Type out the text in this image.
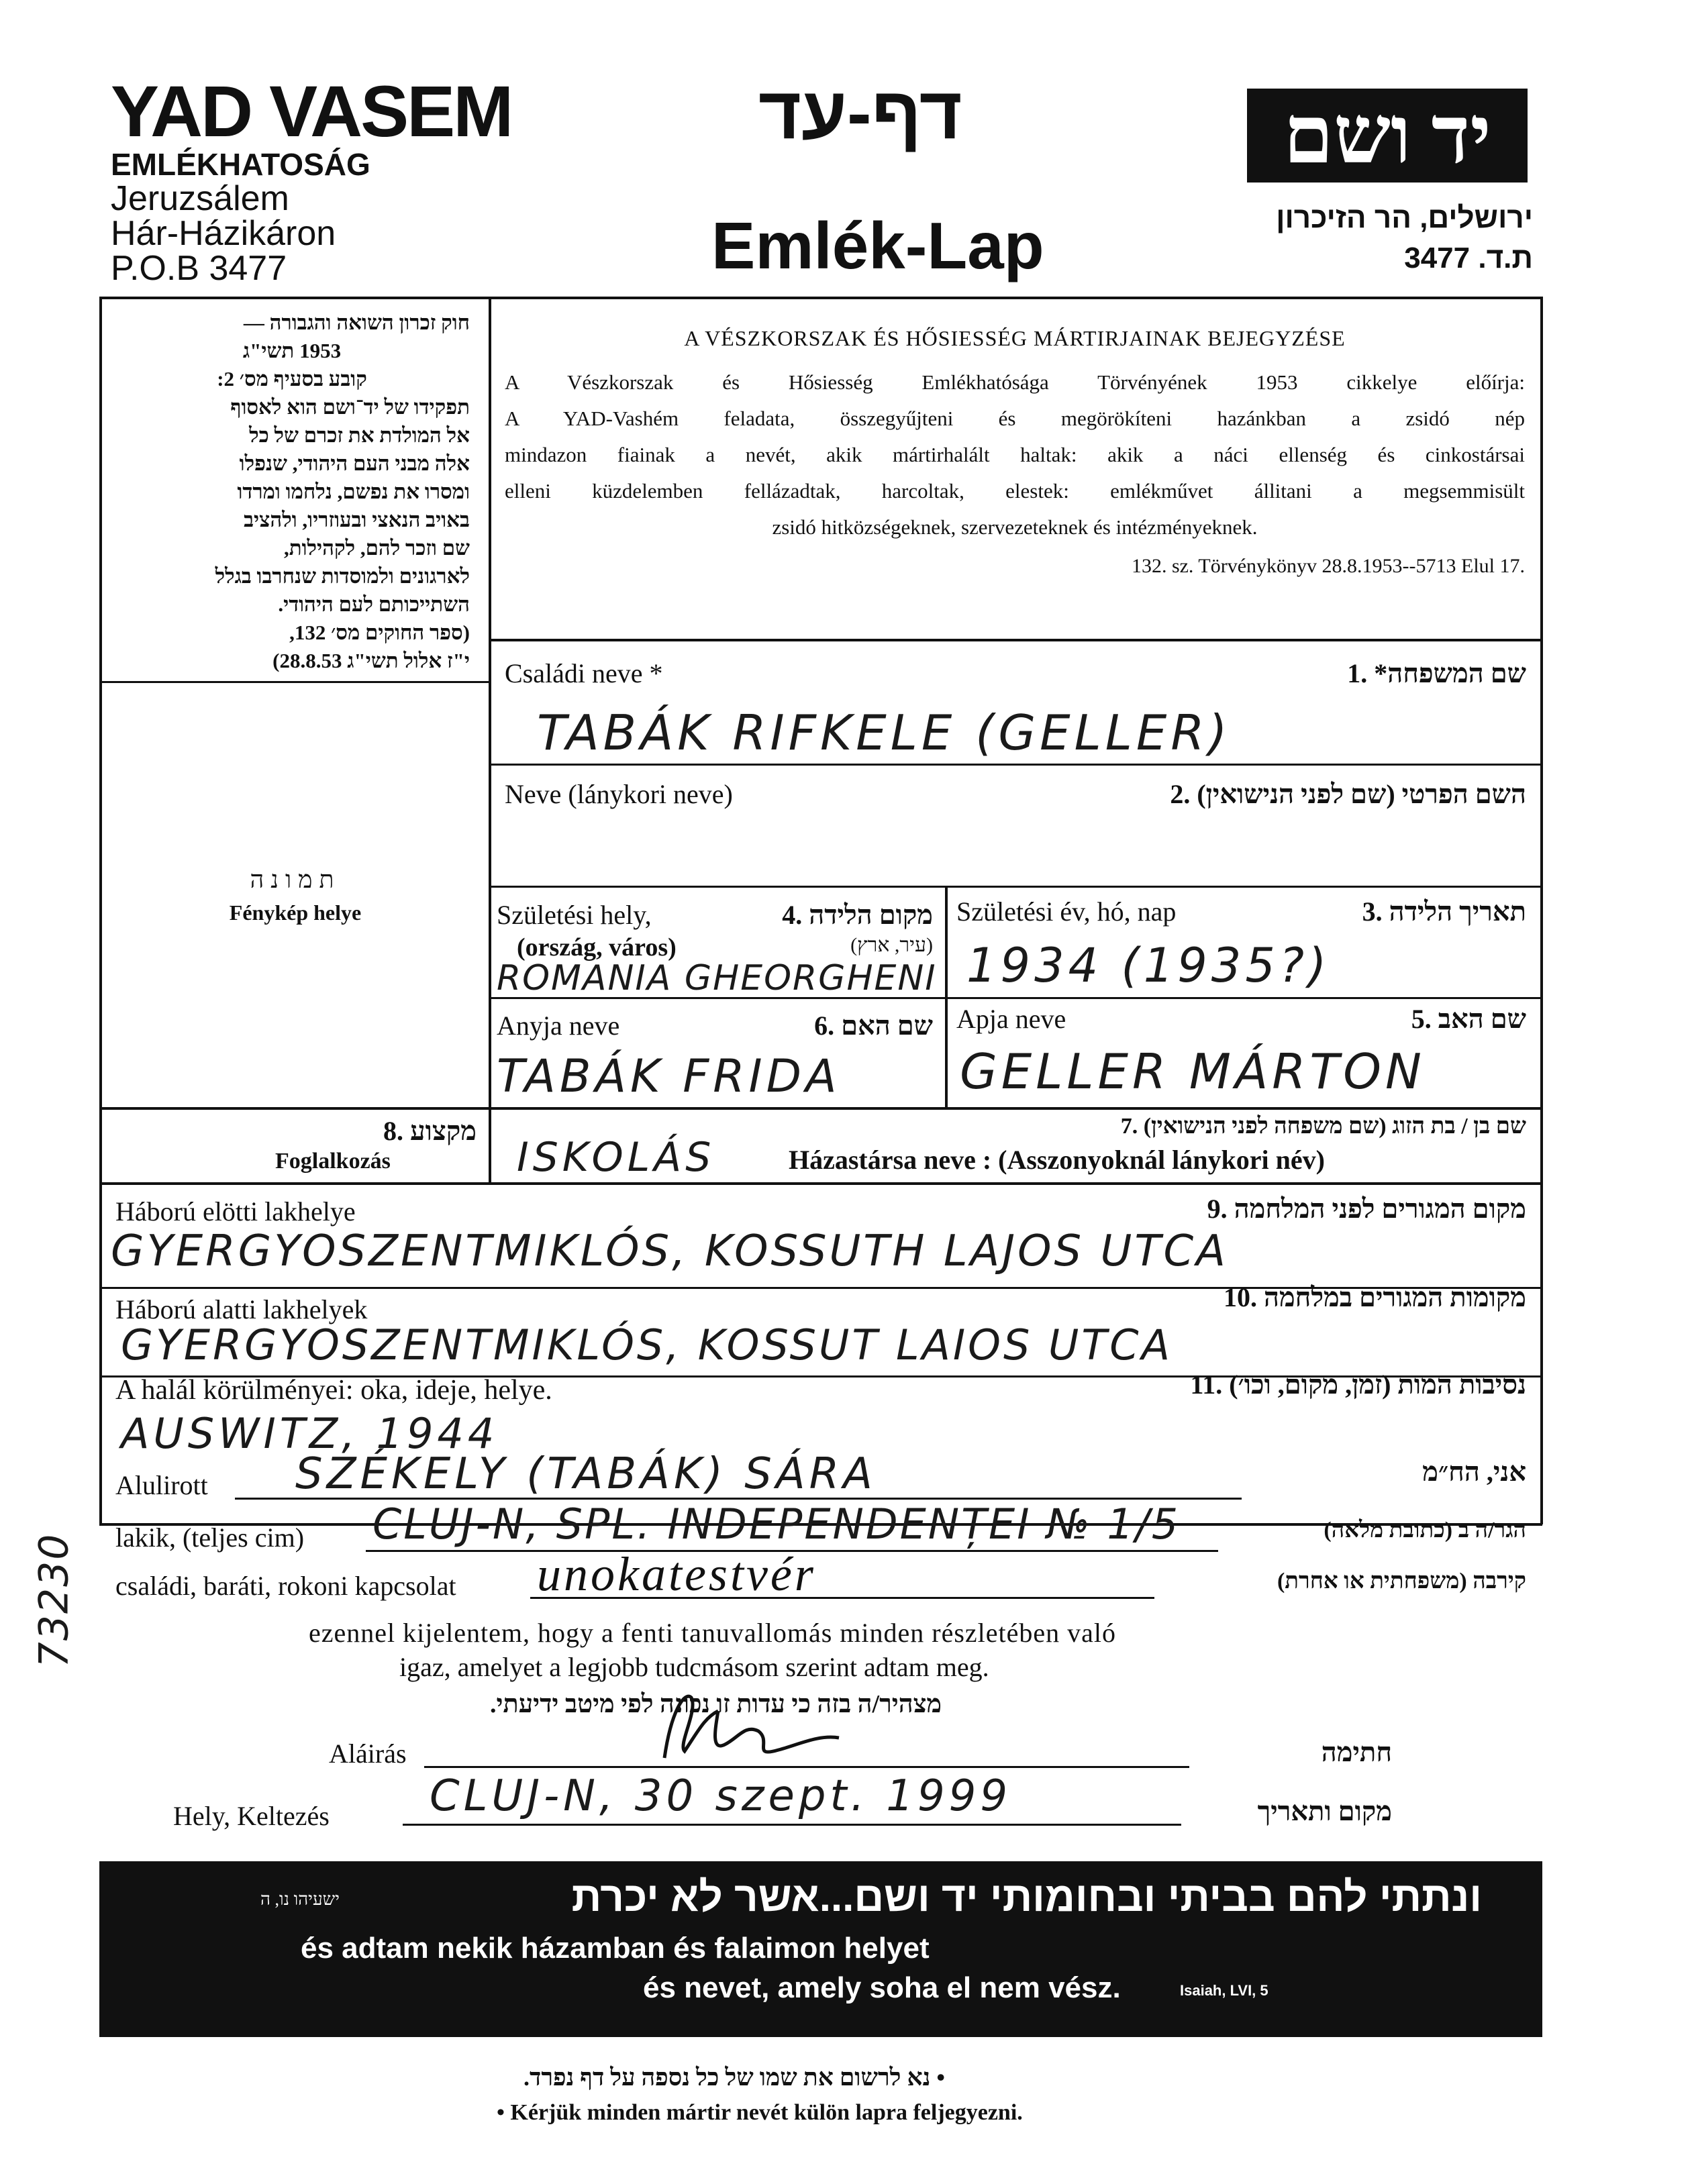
YAD VASEM
EMLÉKHATOSÁG
Jeruzsálem
Hár-Házikáron
P.O.B 3477
דף-עד
Emlék-Lap
יד ושם
ירושלים, הר הזיכרון
ת.ד. 3477
חוק זכרון השואה והגבורה —
1953 תשי"ג
קובע בסעיף מס׳ 2:
תפקידו של יד־ושם הוא לאסוף
אל המולדת את זכרם של כל
אלה מבני העם היהודי, שנפלו
ומסרו את נפשם, נלחמו ומרדו
באויב הנאצי ובעוזריו, ולהציב
שם וזכר להם, לקהילות,
לארגונים ולמוסדות שנחרבו בגלל
השתייכותם לעם היהודי.
(ספר החוקים מס׳ 132,
י"ז אלול תשי"ג 28.8.53)
תמונה
Fénykép helye
A VÉSZKORSZAK ÉS HŐSIESSÉG MÁRTIRJAINAK BEJEGYZÉSE
A Vészkorszak és Hősiesség Emlékhatósága Törvényének 1953 cikkelye előírja:
A YAD-Vashém feladata, összegyűjteni és megörökíteni hazánkban a zsidó nép
mindazon fiainak a nevét, akik mártirhalált haltak: akik a náci ellenség és cinkostársai
elleni küzdelemben fellázadtak, harcoltak, elestek: emlékművet állitani a megsemmisült
zsidó hitközségeknek, szervezeteknek és intézményeknek.
132. sz. Törvénykönyv 28.8.1953--5713 Elul 17.
Családi neve *	שם המשפחה* .1
TABÁK RIFKELE (GELLER)
Neve (lánykori neve)	השם הפרטי (שם לפני הנישואין) .2
Születési hely,
(ország, város)
מקום הלידה .4
(עיר, ארץ)
ROMANIA GHEORGHENI
Születési év, hó, nap	תאריך הלידה .3
1934 (1935?)
Anyja neve	שם האם .6
TABÁK FRIDA
Apja neve	שם האב .5
GELLER MÁRTON
מקצוע .8
Foglalkozás	ISKOLÁS
שם בן / בת הזוג (שם משפחה לפני הנישואין) .7
Házastársa neve : (Asszonyoknál lánykori név)
Háború elötti lakhelye	מקום המגורים לפני המלחמה .9
GYERGYOSZENTMIKLÓS, KOSSUTH LAJOS UTCA
Háború alatti lakhelyek	מקומות המגורים במלחמה .10
GYERGYOSZENTMIKLÓS, KOSSUT LAIOS UTCA
A halál körülményei: oka, ideje, helye.	נסיבות המות (זמן, מקום, וכו׳) .11
AUSWITZ, 1944
Alulirott SZÉKELY (TABÁK) SÁRA	אני, הח״מ
lakik, (teljes cim) CLUJ-N, SPL. INDEPENDENȚEI № 1/5	הגר/ה ב (כתובת מלאה)
családi, baráti, rokoni kapcsolat unokatestvér	קירבה (משפחתית או אחרת)
ezennel kijelentem, hogy a fenti tanuvallomás minden részletében való
igaz, amelyet a legjobb tudcmásom szerint adtam meg.
מצהיר/ה בזה כי עדות זו נכונה לפי מיטב ידיעתי.
Aláirás	חתימה
Hely, Keltezés CLUJ-N, 30 szept. 1999	מקום ותאריך
ונתתי להם בביתי ובחומותי יד ושם...אשר לא יכרת
ישעיהו נו, ה
és adtam nekik házamban és falaimon helyet
és nevet, amely soha el nem vész.	Isaiah, LVI, 5
נא לרשום את שמו של כל נספה על דף נפרד. •
• Kérjük minden mártir nevét külön lapra feljegyezni.
73230
